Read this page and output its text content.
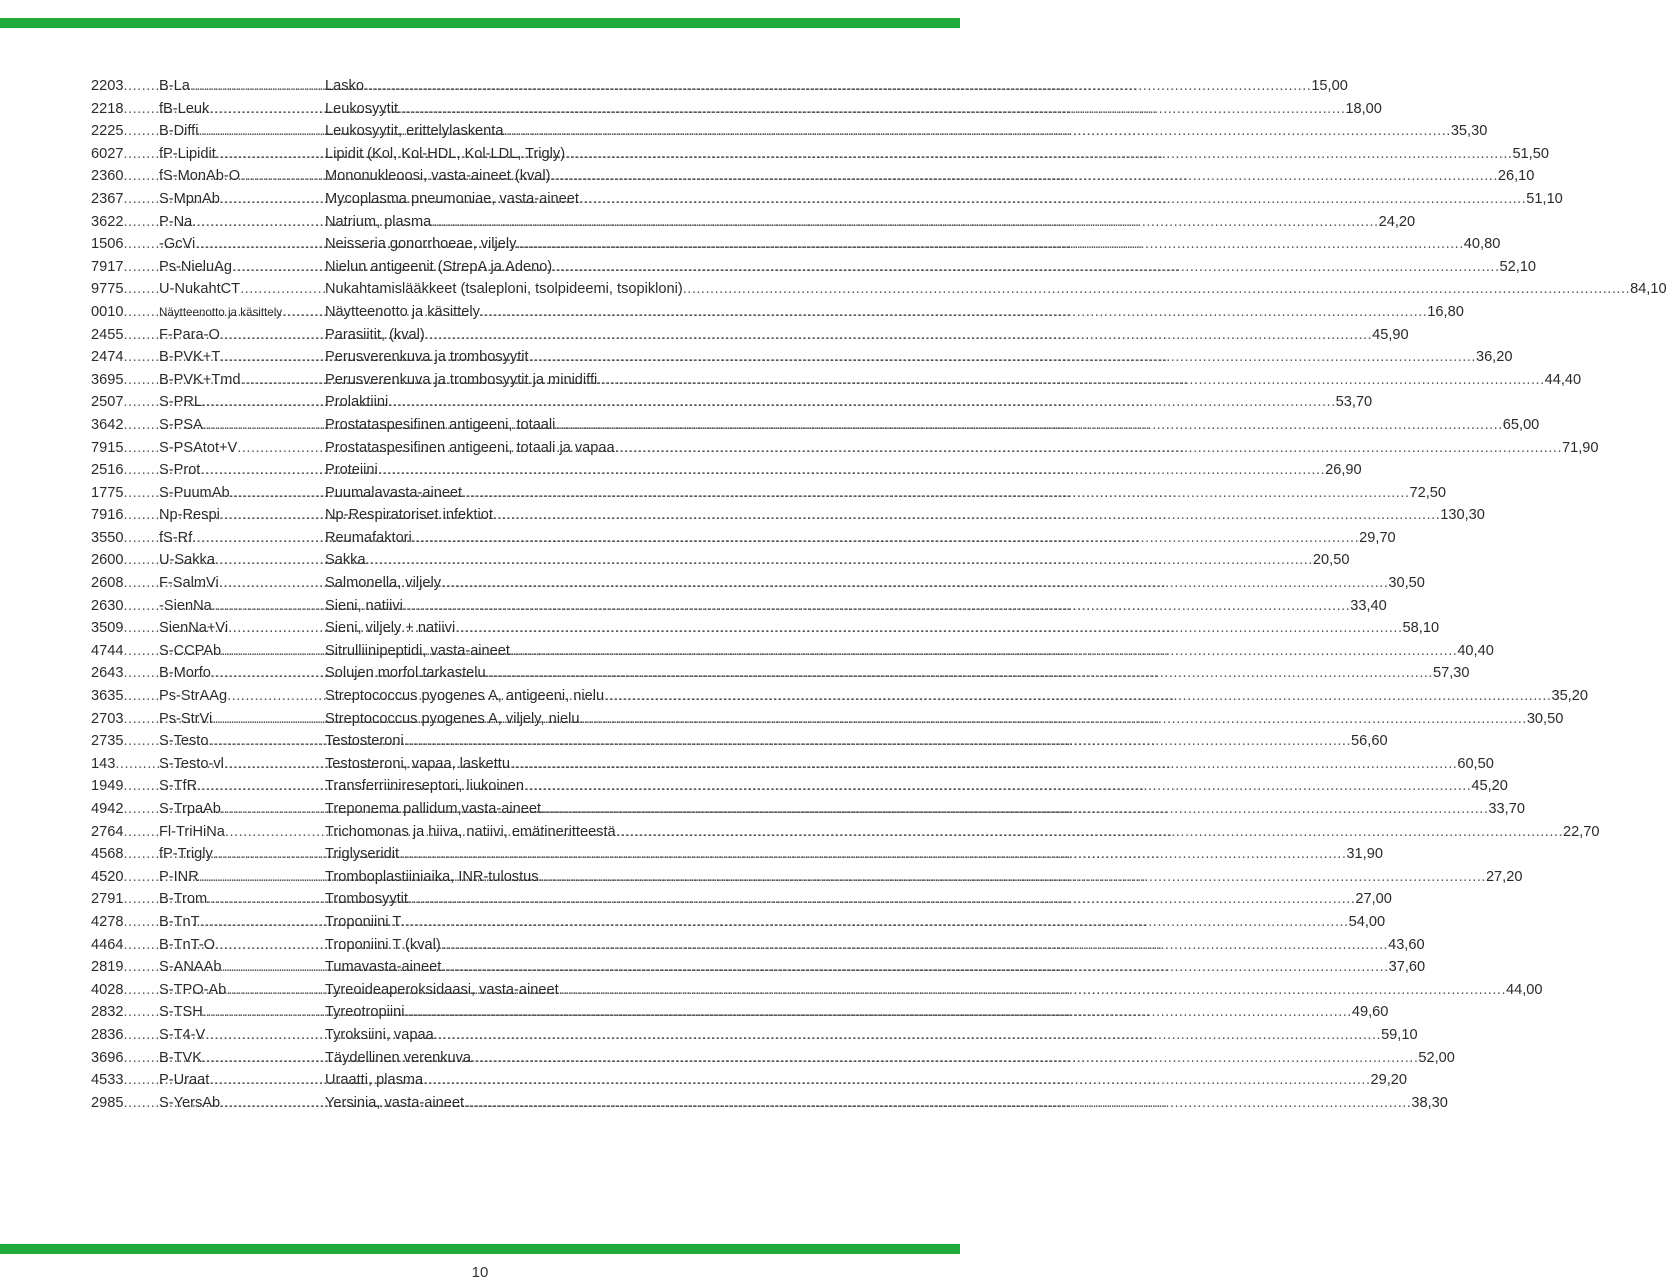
2203 ..... B-La .....	Lasko .....	15,00
2218 ..... fB-Leuk .....	Leukosyytit .....	18,00
2225 ..... B-Diffi .....	Leukosyytit, erittelylaskenta .....	35,30
6027 ..... fP-Lipidit .....	Lipidit (Kol, Kol-HDL, Kol-LDL, Trigly) .....	51,50
2360 ..... fS-MonAb-O .....	Mononukleoosi, vasta-aineet (kval) .....	26,10
2367 ..... S-MpnAb .....	Mycoplasma pneumoniae, vasta-aineet .....	51,10
3622 ..... P-Na .....	Natrium, plasma .....	24,20
1506 ..... -GcVi .....	Neisseria gonorrhoeae, viljely .....	40,80
7917 ..... Ps-NieluAg .....	Nielun antigeenit (StrepA ja Adeno) .....	52,10
9775 ..... U-NukahtCT .....	Nukahtamislääkkeet (tsaleploni, tsolpideemi, tsopikloni) .....	84,10
0010 .....	Näytteenotto ja käsittely .....	Näytteenotto ja käsittely .....	16,80
2455 ..... F-Para-O .....	Parasiitit, (kval) .....	45,90
2474 ..... B-PVK+T .....	Perusverenkuva ja trombosyytit .....	36,20
3695 ..... B-PVK+Tmd .....	Perusverenkuva ja trombosyytit ja minidiffi .....	44,40
2507 ..... S-PRL .....	Prolaktiini .....	53,70
3642 ..... S-PSA .....	Prostataspesifinen antigeeni, totaali .....	65,00
7915 ..... S-PSAtot+V .....	Prostataspesifinen antigeeni, totaali ja vapaa .....	71,90
2516 ..... S-Prot .....	Proteiini .....	26,90
1775 ..... S-PuumAb .....	Puumalavasta-aineet .....	72,50
7916 ..... Np-Respi .....	Np-Respiratoriset infektiot .....	130,30
3550 ..... fS-Rf .....	Reumafaktori .....	29,70
2600 ..... U-Sakka .....	Sakka .....	20,50
2608 ..... F-SalmVi .....	Salmonella, viljely .....	30,50
2630 ..... -SienNa .....	Sieni, natiivi .....	33,40
3509 ..... SienNa+Vi .....	Sieni, viljely + natiivi .....	58,10
4744 ..... S-CCPAb .....	Sitrulliinipeptidi, vasta-aineet .....	40,40
2643 ..... B-Morfo .....	Solujen morfol.tarkastelu .....	57,30
3635 ..... Ps-StrAAg .....	Streptococcus pyogenes A, antigeeni, nielu .....	35,20
2703 ..... Ps-StrVi .....	Streptococcus pyogenes A, viljely, nielu .....	30,50
2735 ..... S-Testo .....	Testosteroni .....	56,60
143 .....	S-Testo-vl .....	Testosteroni, vapaa, laskettu .....	60,50
1949 ..... S-TfR .....	Transferriinireseptori, liukoinen .....	45,20
4942 ..... S-TrpaAb .....	Treponema pallidum,vasta-aineet .....	33,70
2764 ..... Fl-TriHiNa .....	Trichomonas ja hiiva, natiivi, emätineritteestä .....	22,70
4568 ..... fP-Trigly .....	Triglyseridit .....	31,90
4520 ..... P-INR .....	Tromboplastiiniaika, INR-tulostus .....	27,20
2791 ..... B-Trom .....	Trombosyytit .....	27,00
4278 ..... B-TnT .....	Troponiini T .....	54,00
4464 ..... B-TnT-O .....	Troponiini T (kval) .....	43,60
2819 ..... S-ANAAb .....	Tumavasta-aineet .....	37,60
4028 ..... S-TPO-Ab .....	Tyreoideaperoksidaasi, vasta-aineet .....	44,00
2832 ..... S-TSH .....	Tyreotropiini .....	49,60
2836 ..... S-T4-V .....	Tyroksiini, vapaa .....	59,10
3696 ..... B-TVK .....	Täydellinen verenkuva .....	52,00
4533 ..... P-Uraat .....	Uraatti, plasma .....	29,20
2985 ..... S-YersAb .....	Yersinia, vasta-aineet .....	38,30
10
